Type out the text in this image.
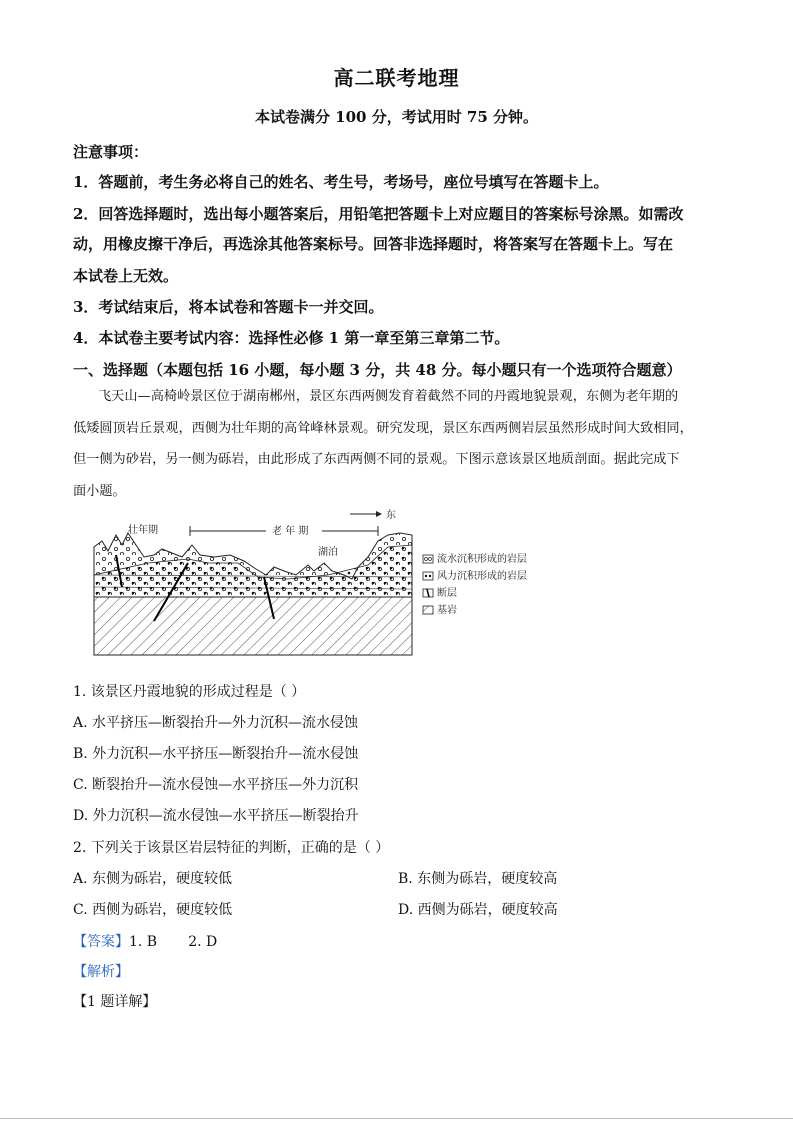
高二联考地理
本试卷满分 100 分，考试用时 75 分钟。
注意事项：
1．答题前，考生务必将自己的姓名、考生号，考场号，座位号填写在答题卡上。
2．回答选择题时，选出每小题答案后，用铅笔把答题卡上对应题目的答案标号涂黑。如需改
动，用橡皮擦干净后，再选涂其他答案标号。回答非选择题时，将答案写在答题卡上。写在
本试卷上无效。
3．考试结束后，将本试卷和答题卡一并交回。
4．本试卷主要考试内容：选择性必修 1 第一章至第三章第二节。
一、选择题（本题包括 16 小题，每小题 3 分，共 48 分。每小题只有一个选项符合题意）
飞天山—高椅岭景区位于湖南郴州，景区东西两侧发育着截然不同的丹霞地貌景观，东侧为老年期的
低矮圆顶岩丘景观，西侧为壮年期的高耸峰林景观。研究发现，景区东西两侧岩层虽然形成时间大致相同，
但一侧为砂岩，另一侧为砾岩，由此形成了东西两侧不同的景观。下图示意该景区地质剖面。据此完成下
面小题。
壮年期	老 年 期
东
湖泊
流水沉积形成的岩层
风力沉积形成的岩层
断层
基岩
1. 该景区丹霞地貌的形成过程是（ ）
A. 水平挤压—断裂抬升—外力沉积—流水侵蚀
B. 外力沉积—水平挤压—断裂抬升—流水侵蚀
C. 断裂抬升—流水侵蚀—水平挤压—外力沉积
D. 外力沉积—流水侵蚀—水平挤压—断裂抬升
2. 下列关于该景区岩层特征的判断，正确的是（ ）
A. 东侧为砾岩，硬度较低	B. 东侧为砾岩，硬度较高
C. 西侧为砾岩，硬度较低	D. 西侧为砾岩，硬度较高
【答案】1. B       2. D
【解析】
【1 题详解】
